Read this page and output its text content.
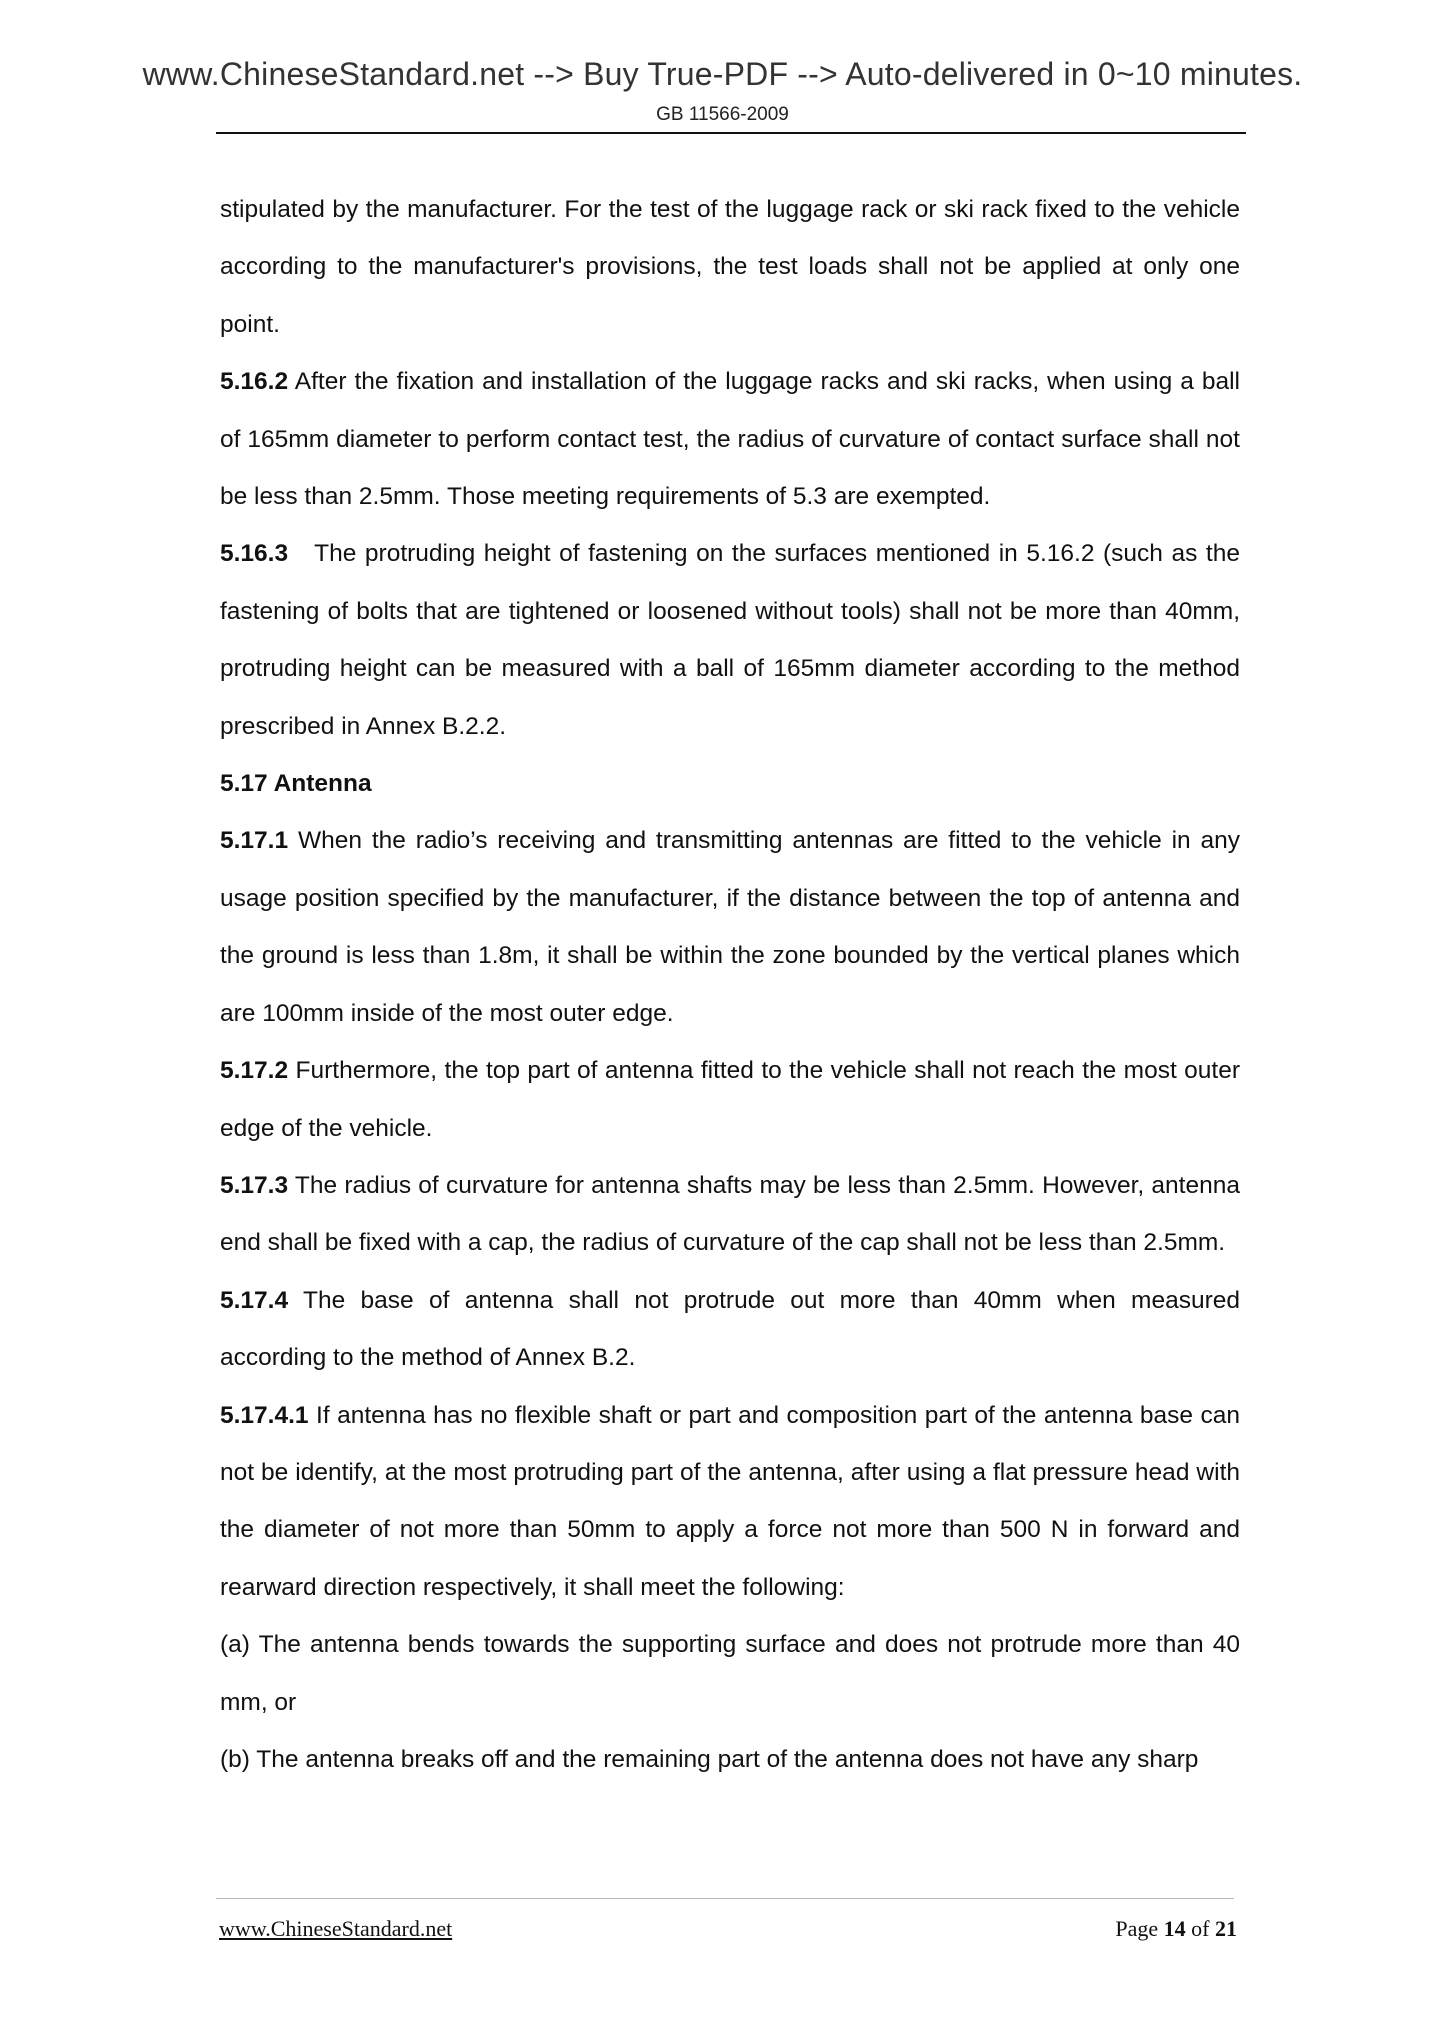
www.ChineseStandard.net --> Buy True-PDF --> Auto-delivered in 0~10 minutes.
GB 11566-2009

stipulated by the manufacturer. For the test of the luggage rack or ski rack fixed to the vehicle according to the manufacturer's provisions, the test loads shall not be applied at only one point.

5.16.2 After the fixation and installation of the luggage racks and ski racks, when using a ball of 165mm diameter to perform contact test, the radius of curvature of contact surface shall not be less than 2.5mm. Those meeting requirements of 5.3 are exempted.

5.16.3 The protruding height of fastening on the surfaces mentioned in 5.16.2 (such as the fastening of bolts that are tightened or loosened without tools) shall not be more than 40mm, protruding height can be measured with a ball of 165mm diameter according to the method prescribed in Annex B.2.2.

5.17 Antenna

5.17.1 When the radio’s receiving and transmitting antennas are fitted to the vehicle in any usage position specified by the manufacturer, if the distance between the top of antenna and the ground is less than 1.8m, it shall be within the zone bounded by the vertical planes which are 100mm inside of the most outer edge.

5.17.2 Furthermore, the top part of antenna fitted to the vehicle shall not reach the most outer edge of the vehicle.

5.17.3 The radius of curvature for antenna shafts may be less than 2.5mm. However, antenna end shall be fixed with a cap, the radius of curvature of the cap shall not be less than 2.5mm.

5.17.4 The base of antenna shall not protrude out more than 40mm when measured according to the method of Annex B.2.

5.17.4.1 If antenna has no flexible shaft or part and composition part of the antenna base can not be identify, at the most protruding part of the antenna, after using a flat pressure head with the diameter of not more than 50mm to apply a force not more than 500 N in forward and rearward direction respectively, it shall meet the following:

(a) The antenna bends towards the supporting surface and does not protrude more than 40 mm, or

(b) The antenna breaks off and the remaining part of the antenna does not have any sharp

www.ChineseStandard.net	Page 14 of 21
